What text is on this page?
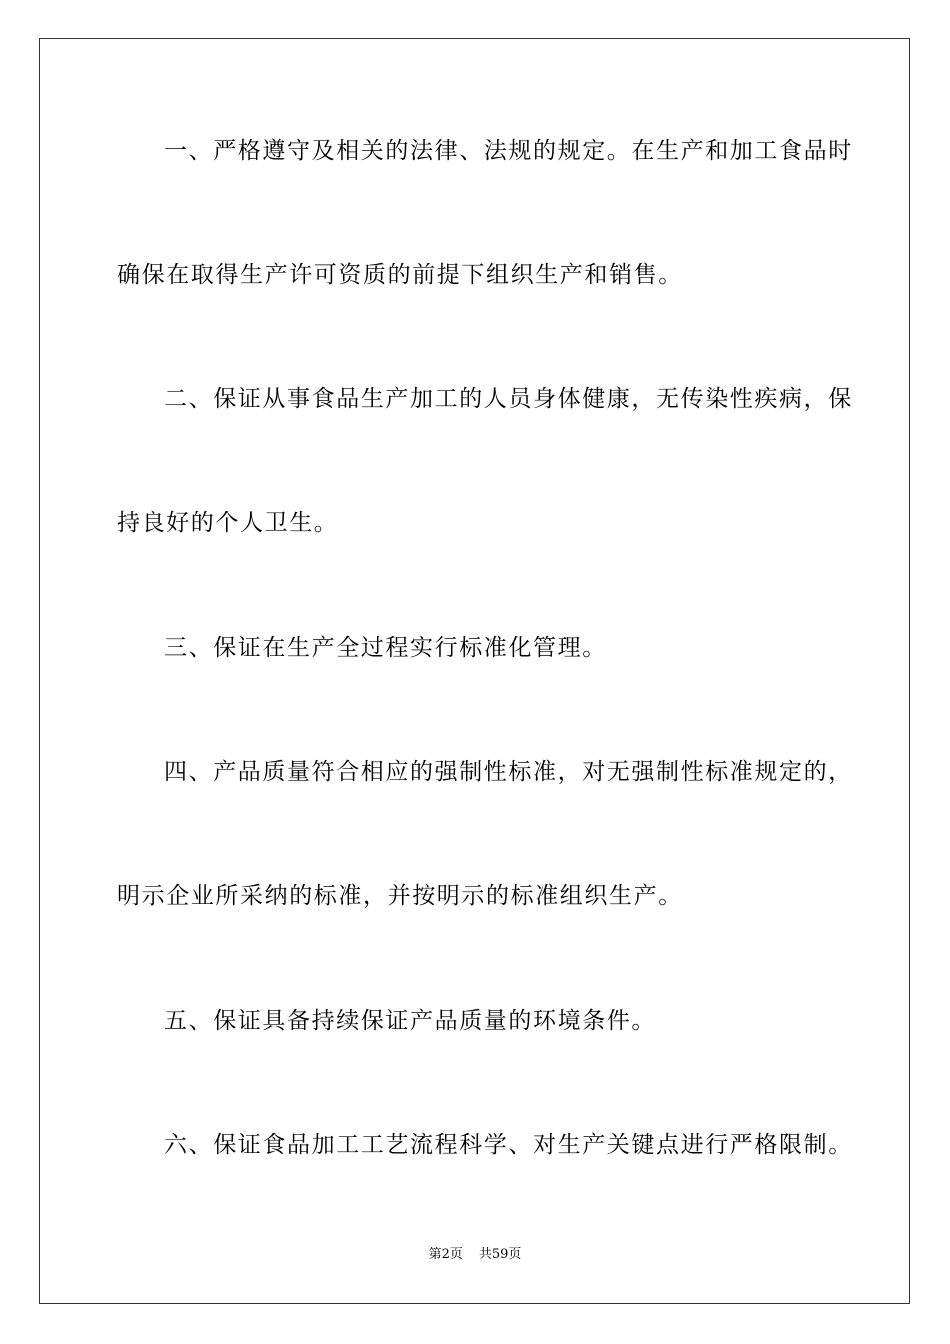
一、严格遵守及相关的法律、法规的规定。在生产和加工食品时
确保在取得生产许可资质的前提下组织生产和销售。
二、保证从事食品生产加工的人员身体健康，无传染性疾病，保
持良好的个人卫生。
三、保证在生产全过程实行标准化管理。
四、产品质量符合相应的强制性标准，对无强制性标准规定的，
明示企业所采纳的标准，并按明示的标准组织生产。
五、保证具备持续保证产品质量的环境条件。
六、保证食品加工工艺流程科学、对生产关键点进行严格限制。
第2页 共59页
